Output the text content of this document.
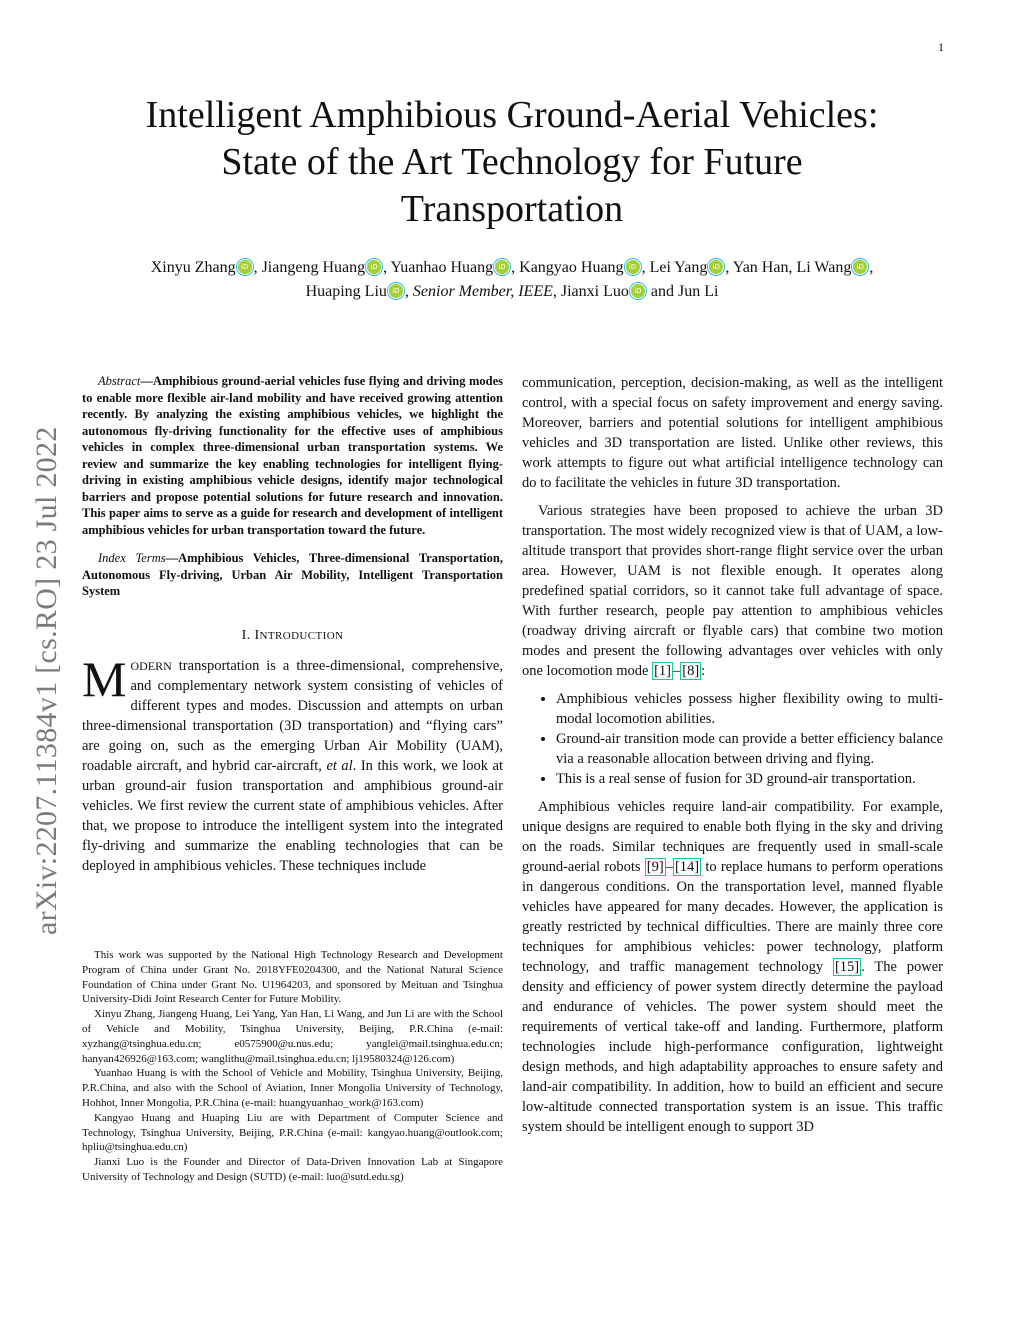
1
arXiv:2207.11384v1 [cs.RO] 23 Jul 2022
Intelligent Amphibious Ground-Aerial Vehicles:
State of the Art Technology for Future
Transportation
Xinyu Zhang iD , Jiangeng Huang iD , Yuanhao Huang iD , Kangyao Huang iD , Lei Yang iD , Yan Han, Li Wang iD ,
Huaping Liu iD , Senior Member, IEEE, Jianxi Luo iD and Jun Li
Abstract—Amphibious ground-aerial vehicles fuse flying and driving modes to enable more flexible air-land mobility and have received growing attention recently. By analyzing the existing amphibious vehicles, we highlight the autonomous fly-driving functionality for the effective uses of amphibious vehicles in complex three-dimensional urban transportation systems. We review and summarize the key enabling technologies for intelligent flying-driving in existing amphibious vehicle designs, identify major technological barriers and propose potential solutions for future research and innovation. This paper aims to serve as a guide for research and development of intelligent amphibious vehicles for urban transportation toward the future.
Index Terms—Amphibious Vehicles, Three-dimensional Transportation, Autonomous Fly-driving, Urban Air Mobility, Intelligent Transportation System
I. INTRODUCTION

MODERN transportation is a three-dimensional, comprehensive, and complementary network system consisting of vehicles of different types and modes. Discussion and attempts on urban three-dimensional transportation (3D transportation) and “flying cars” are going on, such as the emerging Urban Air Mobility (UAM), roadable aircraft, and hybrid car-aircraft, et al. In this work, we look at urban ground-air fusion transportation and amphibious ground-air vehicles. We first review the current state of amphibious vehicles. After that, we propose to introduce the intelligent system into the integrated fly-driving and summarize the enabling technologies that can be deployed in amphibious vehicles. These techniques include

This work was supported by the National High Technology Research and Development Program of China under Grant No. 2018YFE0204300, and the National Natural Science Foundation of China under Grant No. U1964203, and sponsored by Meituan and Tsinghua University-Didi Joint Research Center for Future Mobility.

Xinyu Zhang, Jiangeng Huang, Lei Yang, Yan Han, Li Wang, and Jun Li are with the School of Vehicle and Mobility, Tsinghua University, Beijing, P.R.China (e-mail: xyzhang@tsinghua.edu.cn; e0575900@u.nus.edu; yanglei@mail.tsinghua.edu.cn; hanyan426926@163.com; wanglithu@mail.tsinghua.edu.cn; lj19580324@126.com)

Yuanhao Huang is with the School of Vehicle and Mobility, Tsinghua University, Beijing, P.R.China, and also with the School of Aviation, Inner Mongolia University of Technology, Hohhot, Inner Mongolia, P.R.China (e-mail: huangyuanhao_work@163.com)

Kangyao Huang and Huaping Liu are with Department of Computer Science and Technology, Tsinghua University, Beijing, P.R.China (e-mail: kangyao.huang@outlook.com; hpliu@tsinghua.edu.cn)

Jianxi Luo is the Founder and Director of Data-Driven Innovation Lab at Singapore University of Technology and Design (SUTD) (e-mail: luo@sutd.edu.sg)

communication, perception, decision-making, as well as the intelligent control, with a special focus on safety improvement and energy saving. Moreover, barriers and potential solutions for intelligent amphibious vehicles and 3D transportation are listed. Unlike other reviews, this work attempts to figure out what artificial intelligence technology can do to facilitate the vehicles in future 3D transportation.

Various strategies have been proposed to achieve the urban 3D transportation. The most widely recognized view is that of UAM, a low-altitude transport that provides short-range flight service over the urban area. However, UAM is not flexible enough. It operates along predefined spatial corridors, so it cannot take full advantage of space. With further research, people pay attention to amphibious vehicles (roadway driving aircraft or flyable cars) that combine two motion modes and present the following advantages over vehicles with only one locomotion mode [1] – [8] :

• Amphibious vehicles possess higher flexibility owing to multi-modal locomotion abilities.
• Ground-air transition mode can provide a better efficiency balance via a reasonable allocation between driving and flying.
• This is a real sense of fusion for 3D ground-air transportation.

Amphibious vehicles require land-air compatibility. For example, unique designs are required to enable both flying in the sky and driving on the roads. Similar techniques are frequently used in small-scale ground-aerial robots [9] – [14] to replace humans to perform operations in dangerous conditions. On the transportation level, manned flyable vehicles have appeared for many decades. However, the application is greatly restricted by technical difficulties. There are mainly three core techniques for amphibious vehicles: power technology, platform technology, and traffic management technology [15] . The power density and efficiency of power system directly determine the payload and endurance of vehicles. The power system should meet the requirements of vertical take-off and landing. Furthermore, platform technologies include high-performance configuration, lightweight design methods, and high adaptability approaches to ensure safety and land-air compatibility. In addition, how to build an efficient and secure low-altitude connected transportation system is an issue. This traffic system should be intelligent enough to support 3D
